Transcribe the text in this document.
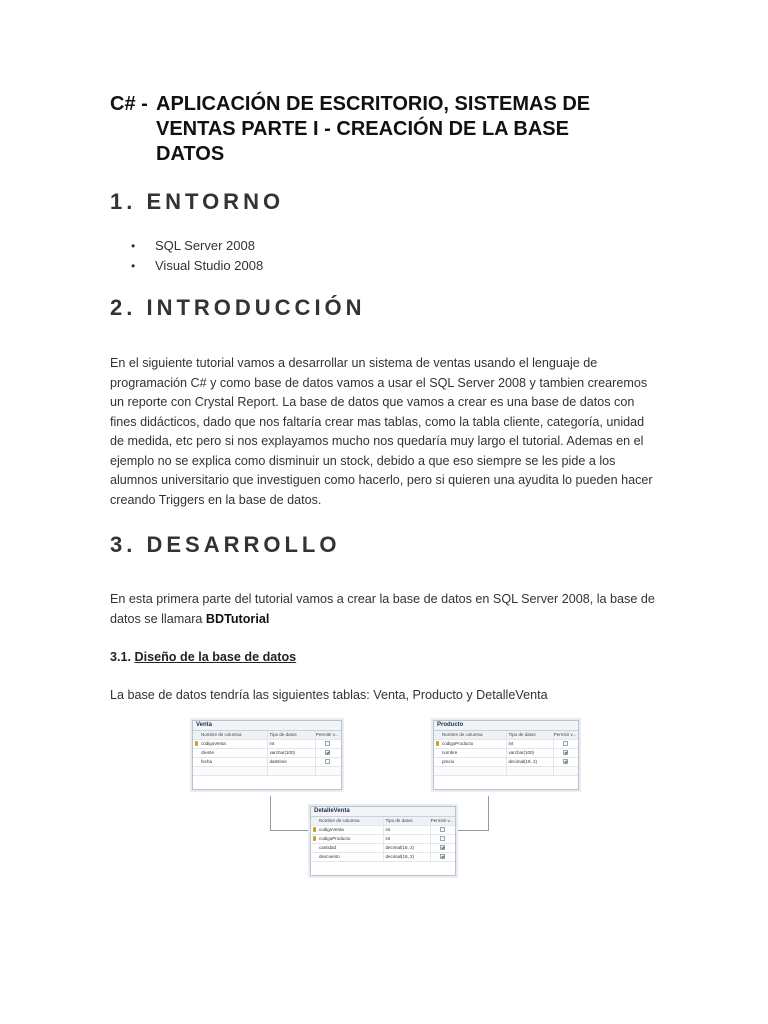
C# - APLICACIÓN DE ESCRITORIO, SISTEMAS DE
VENTAS PARTE I - CREACIÓN DE LA BASE
DATOS
1. ENTORNO
• SQL Server 2008
• Visual Studio 2008
2. INTRODUCCIÓN

En el siguiente tutorial vamos a desarrollar un sistema de ventas usando el lenguaje de programación C# y como base de datos vamos a usar el SQL Server 2008 y tambien crearemos un reporte con Crystal Report. La base de datos que vamos a crear es una base de datos con fines didácticos, dado que nos faltaría crear mas tablas, como la tabla cliente, categoría, unidad de medida, etc pero si nos explayamos mucho nos quedaría muy largo el tutorial. Ademas en el ejemplo no se explica como disminuir un stock, debido a que eso siempre se les pide a los alumnos universitario que investiguen como hacerlo, pero si quieren una ayudita lo pueden hacer creando Triggers en la base de datos.

3. DESARROLLO

En esta primera parte del tutorial vamos a crear la base de datos en SQL Server 2008, la base de datos se llamara BDTutorial

3.1. Diseño de la base de datos

La base de datos tendría las siguientes tablas: Venta, Producto y DetalleVenta

Venta
Nombre de columna	Tipo de datos	Permitir v...
codigoVenta	int
cliente	varchar(100)
fecha	datetime
Producto
Nombre de columna	Tipo de datos	Permitir v...
codigoProducto	int
nombre	varchar(100)
precio	decimal(18, 2)
DetalleVenta
Nombre de columna	Tipo de datos	Permitir v...
codigoVenta	int
codigoProducto	int
cantidad	decimal(18, 2)
descuento	decimal(18, 2)
